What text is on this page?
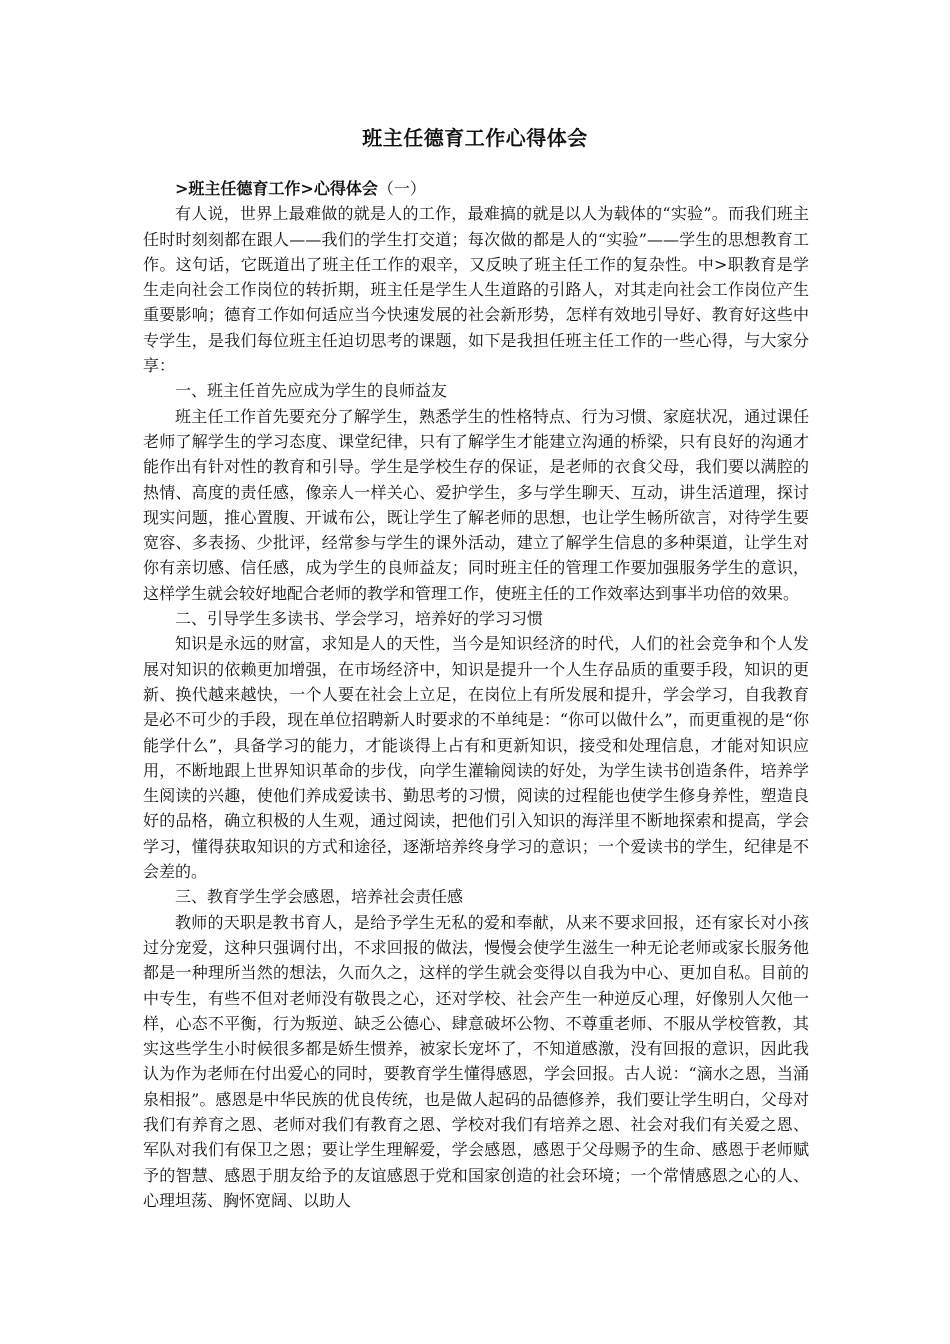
班主任德育工作心得体会
>班主任德育工作>心得体会（一）

有人说，世界上最难做的就是人的工作，最难搞的就是以人为载体的“实验”。而我们班主任时时刻刻都在跟人——我们的学生打交道；每次做的都是人的“实验”——学生的思想教育工作。这句话，它既道出了班主任工作的艰辛，又反映了班主任工作的复杂性。中>职教育是学生走向社会工作岗位的转折期，班主任是学生人生道路的引路人，对其走向社会工作岗位产生重要影响；德育工作如何适应当今快速发展的社会新形势，怎样有效地引导好、教育好这些中专学生，是我们每位班主任迫切思考的课题，如下是我担任班主任工作的一些心得，与大家分享：

一、班主任首先应成为学生的良师益友

班主任工作首先要充分了解学生，熟悉学生的性格特点、行为习惯、家庭状况，通过课任老师了解学生的学习态度、课堂纪律，只有了解学生才能建立沟通的桥梁，只有良好的沟通才能作出有针对性的教育和引导。学生是学校生存的保证，是老师的衣食父母，我们要以满腔的热情、高度的责任感，像亲人一样关心、爱护学生，多与学生聊天、互动，讲生活道理，探讨现实问题，推心置腹、开诚布公，既让学生了解老师的思想，也让学生畅所欲言，对待学生要宽容、多表扬、少批评，经常参与学生的课外活动，建立了解学生信息的多种渠道，让学生对你有亲切感、信任感，成为学生的良师益友；同时班主任的管理工作要加强服务学生的意识，这样学生就会较好地配合老师的教学和管理工作，使班主任的工作效率达到事半功倍的效果。

二、引导学生多读书、学会学习，培养好的学习习惯

知识是永远的财富，求知是人的天性，当今是知识经济的时代，人们的社会竞争和个人发展对知识的依赖更加增强，在市场经济中，知识是提升一个人生存品质的重要手段，知识的更新、换代越来越快，一个人要在社会上立足，在岗位上有所发展和提升，学会学习，自我教育是必不可少的手段，现在单位招聘新人时要求的不单纯是：“你可以做什么”，而更重视的是“你能学什么”，具备学习的能力，才能谈得上占有和更新知识，接受和处理信息，才能对知识应用，不断地跟上世界知识革命的步伐，向学生灌输阅读的好处，为学生读书创造条件，培养学生阅读的兴趣，使他们养成爱读书、勤思考的习惯，阅读的过程能也使学生修身养性，塑造良好的品格，确立积极的人生观，通过阅读，把他们引入知识的海洋里不断地探索和提高，学会学习，懂得获取知识的方式和途径，逐渐培养终身学习的意识；一个爱读书的学生，纪律是不会差的。

三、教育学生学会感恩，培养社会责任感

教师的天职是教书育人，是给予学生无私的爱和奉献，从来不要求回报，还有家长对小孩过分宠爱，这种只强调付出，不求回报的做法，慢慢会使学生滋生一种无论老师或家长服务他都是一种理所当然的想法，久而久之，这样的学生就会变得以自我为中心、更加自私。目前的中专生，有些不但对老师没有敬畏之心，还对学校、社会产生一种逆反心理，好像别人欠他一样，心态不平衡，行为叛逆、缺乏公德心、肆意破坏公物、不尊重老师、不服从学校管教，其实这些学生小时候很多都是娇生惯养，被家长宠坏了，不知道感激，没有回报的意识，因此我认为作为老师在付出爱心的同时，要教育学生懂得感恩，学会回报。古人说：“滴水之恩，当涌泉相报”。感恩是中华民族的优良传统，也是做人起码的品德修养，我们要让学生明白，父母对我们有养育之恩、老师对我们有教育之恩、学校对我们有培养之恩、社会对我们有关爱之恩、军队对我们有保卫之恩；要让学生理解爱，学会感恩，感恩于父母赐予的生命、感恩于老师赋予的智慧、感恩于朋友给予的友谊感恩于党和国家创造的社会环境；一个常情感恩之心的人、心理坦荡、胸怀宽阔、以助人
